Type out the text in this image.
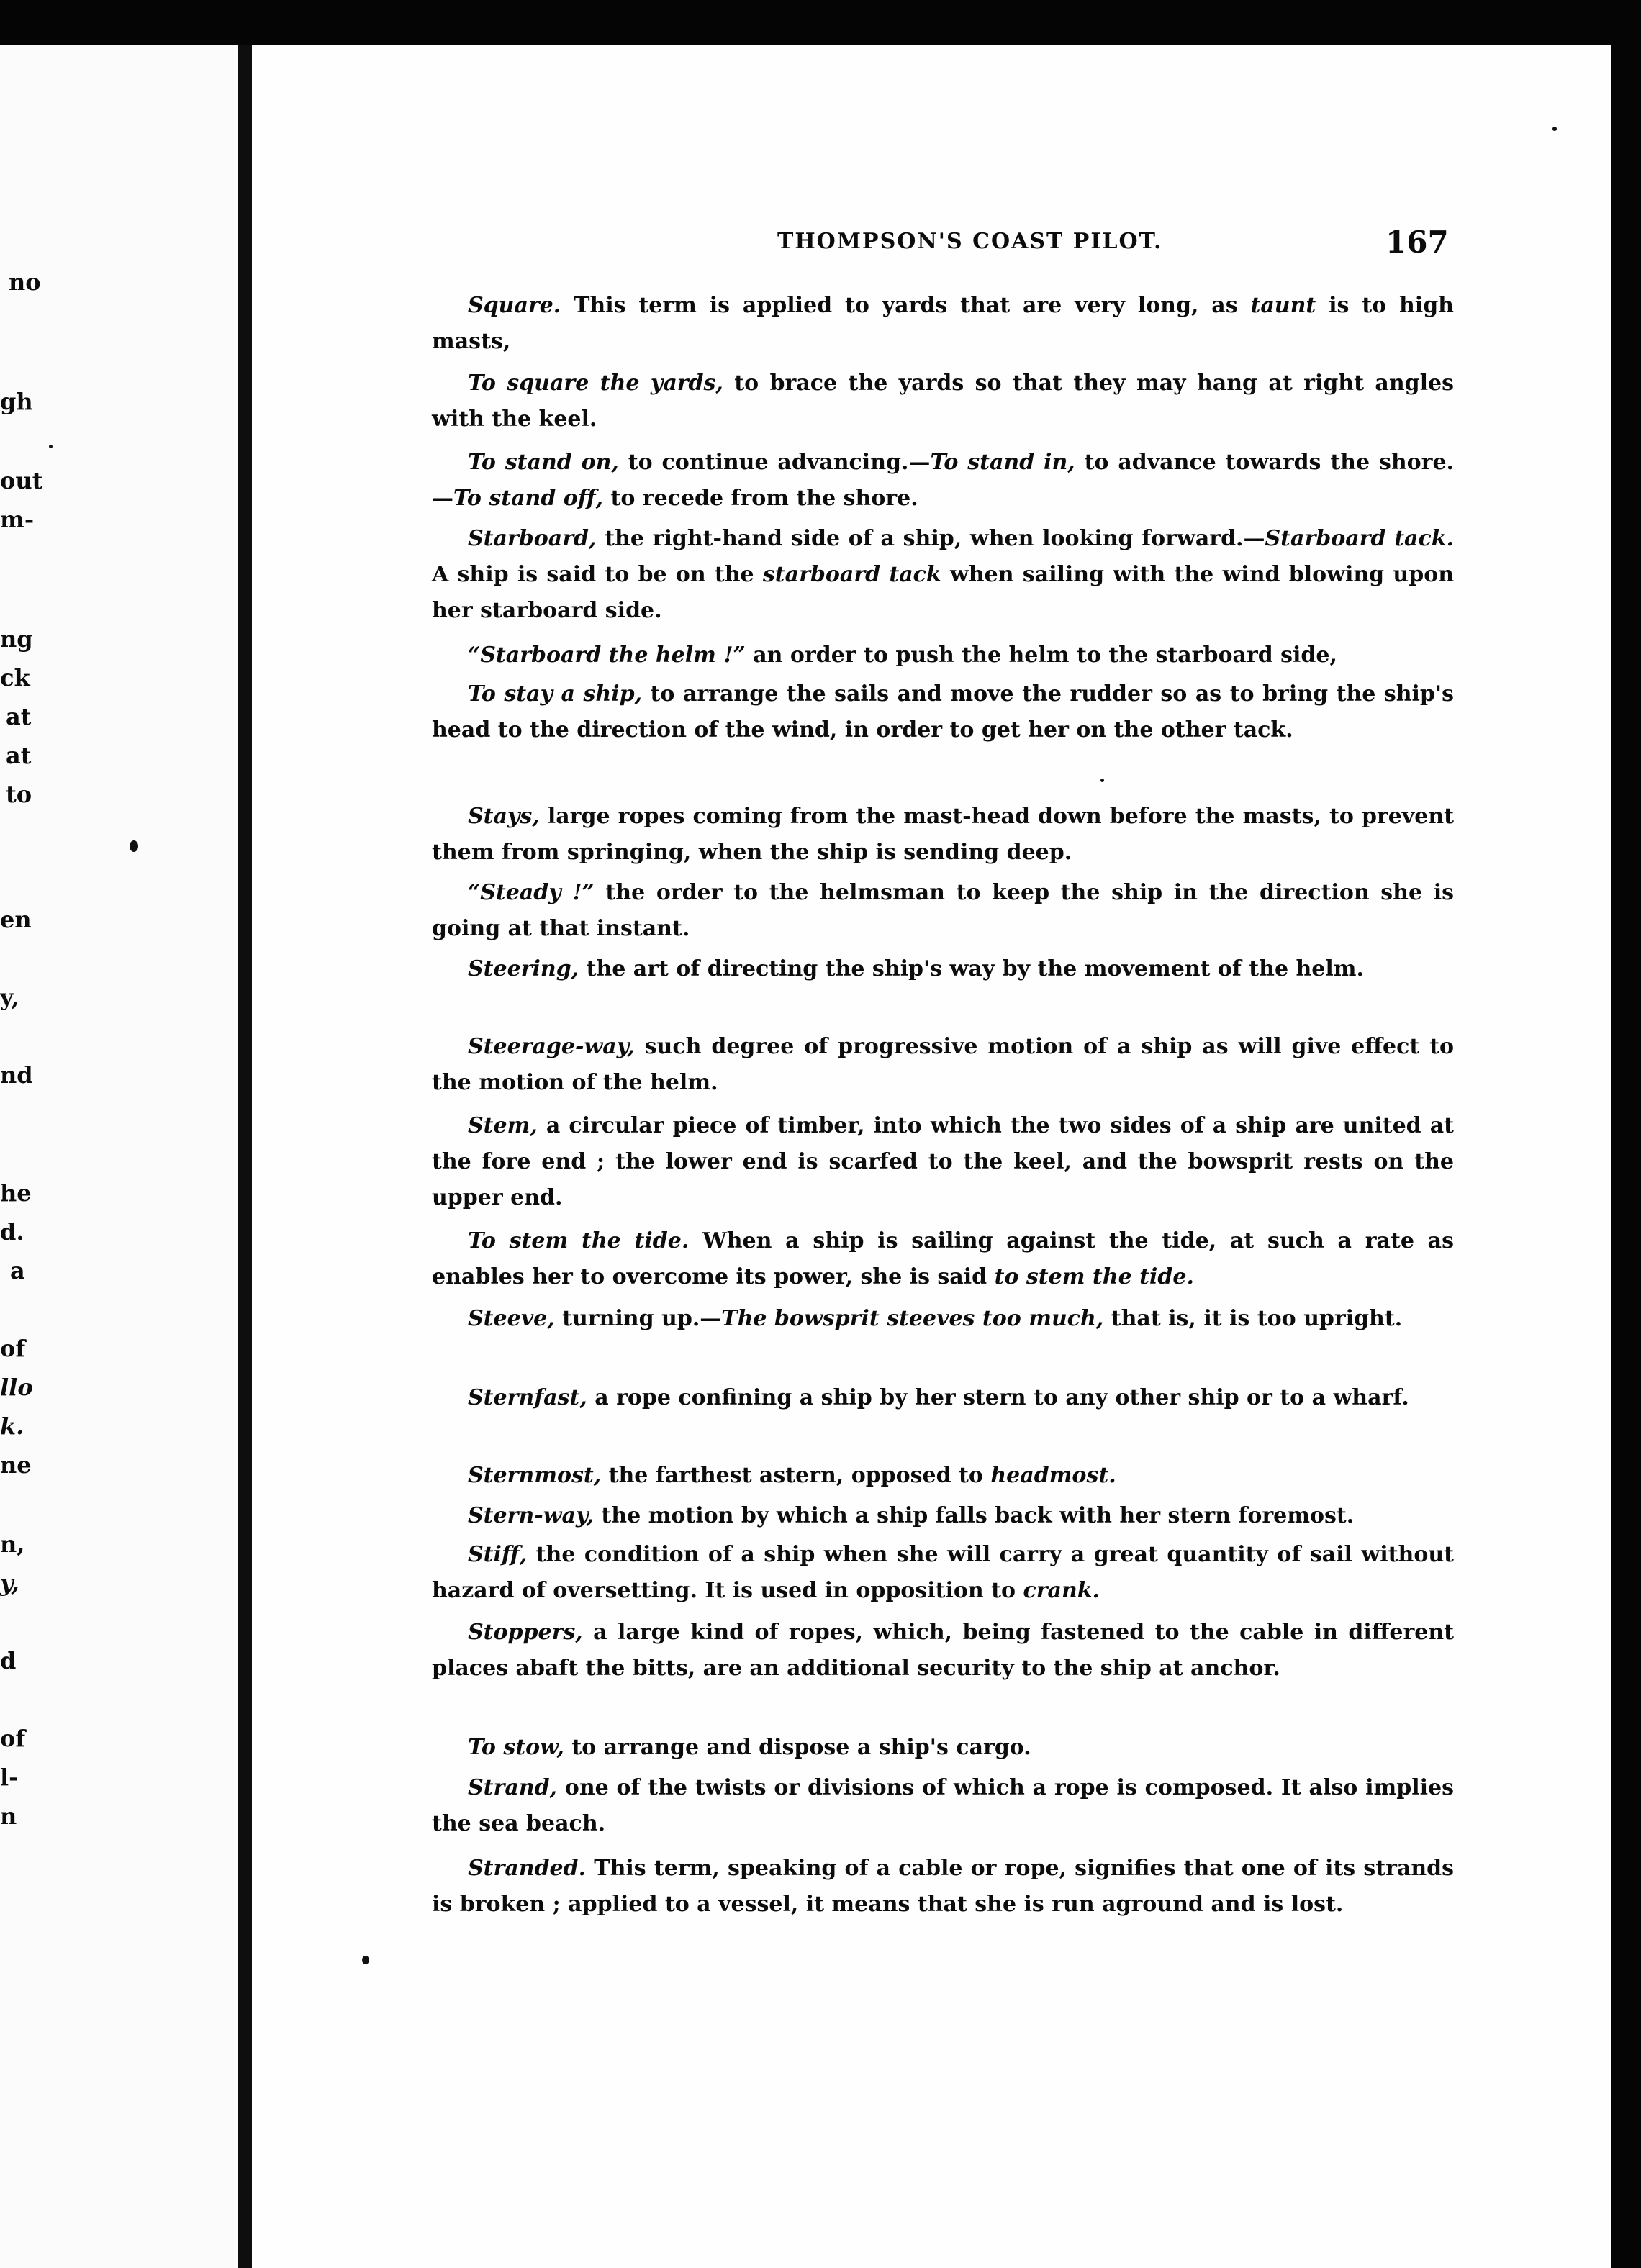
no
gh
out
m-
ng
ck
at
at
to
en
y,
nd
he
d.
a
of
llo
k.
ne
n,
y,
d
of
l-
n
THOMPSON'S COAST PILOT.	167

Square. This term is applied to yards that are very long, as taunt is to high masts,

To square the yards, to brace the yards so that they may hang at right angles with the keel.

To stand on, to continue advancing.—To stand in, to advance towards the shore.—To stand off, to recede from the shore.

Starboard, the right-hand side of a ship, when looking forward.—Starboard tack. A ship is said to be on the starboard tack when sailing with the wind blowing upon her starboard side.

“Starboard the helm !” an order to push the helm to the starboard side,

To stay a ship, to arrange the sails and move the rudder so as to bring the ship's head to the direction of the wind, in order to get her on the other tack.

Stays, large ropes coming from the mast-head down before the masts, to prevent them from springing, when the ship is sending deep.

“Steady !” the order to the helmsman to keep the ship in the direction she is going at that instant.

Steering, the art of directing the ship's way by the movement of the helm.

Steerage-way, such degree of progressive motion of a ship as will give effect to the motion of the helm.

Stem, a circular piece of timber, into which the two sides of a ship are united at the fore end ; the lower end is scarfed to the keel, and the bowsprit rests on the upper end.

To stem the tide. When a ship is sailing against the tide, at such a rate as enables her to overcome its power, she is said to stem the tide.

Steeve, turning up.—The bowsprit steeves too much, that is, it is too upright.

Sternfast, a rope confining a ship by her stern to any other ship or to a wharf.

Sternmost, the farthest astern, opposed to headmost.

Stern-way, the motion by which a ship falls back with her stern foremost.

Stiff, the condition of a ship when she will carry a great quantity of sail without hazard of oversetting. It is used in opposition to crank.

Stoppers, a large kind of ropes, which, being fastened to the cable in different places abaft the bitts, are an additional security to the ship at anchor.

To stow, to arrange and dispose a ship's cargo.

Strand, one of the twists or divisions of which a rope is composed. It also implies the sea beach.

Stranded. This term, speaking of a cable or rope, signifies that one of its strands is broken ; applied to a vessel, it means that she is run aground and is lost.
